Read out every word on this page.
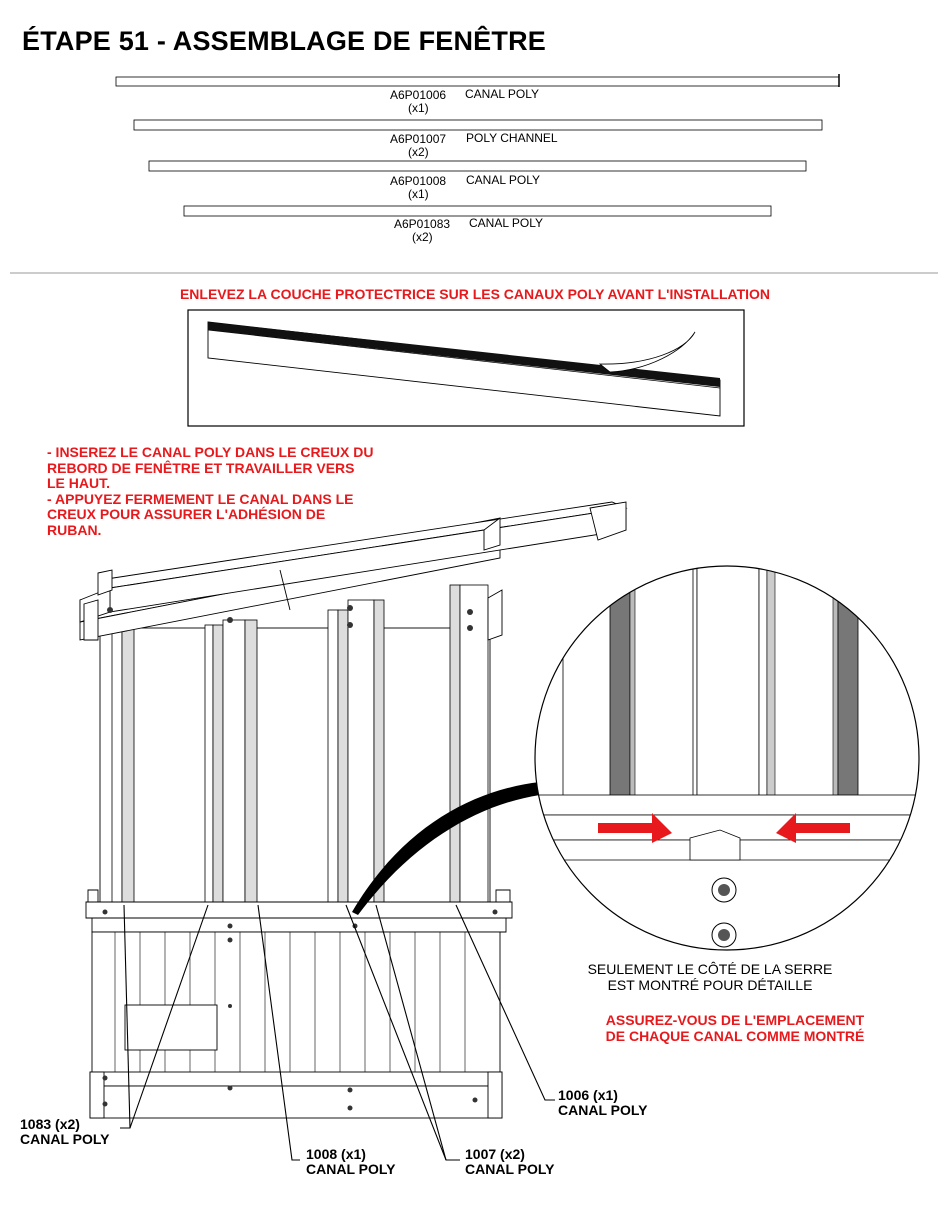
ÉTAPE 51 - ASSEMBLAGE DE FENÊTRE
A6P01006
(x1)
CANAL POLY
A6P01007
(x2)
POLY CHANNEL
A6P01008
(x1)
CANAL POLY
A6P01083
(x2)
CANAL POLY
ENLEVEZ LA COUCHE PROTECTRICE SUR LES CANAUX POLY AVANT L'INSTALLATION
- INSEREZ LE CANAL POLY DANS LE CREUX DU
REBORD DE FENÊTRE ET TRAVAILLER VERS
LE HAUT.
- APPUYEZ FERMEMENT LE CANAL DANS LE
CREUX POUR ASSURER L'ADHÉSION DE
RUBAN.
SEULEMENT LE CÔTÉ DE LA SERRE
EST MONTRÉ POUR DÉTAILLE
ASSUREZ-VOUS DE L'EMPLACEMENT
DE CHAQUE CANAL COMME MONTRÉ
1083 (x2)
CANAL POLY
1008 (x1)
CANAL POLY
1007 (x2)
CANAL POLY
1006 (x1)
CANAL POLY
